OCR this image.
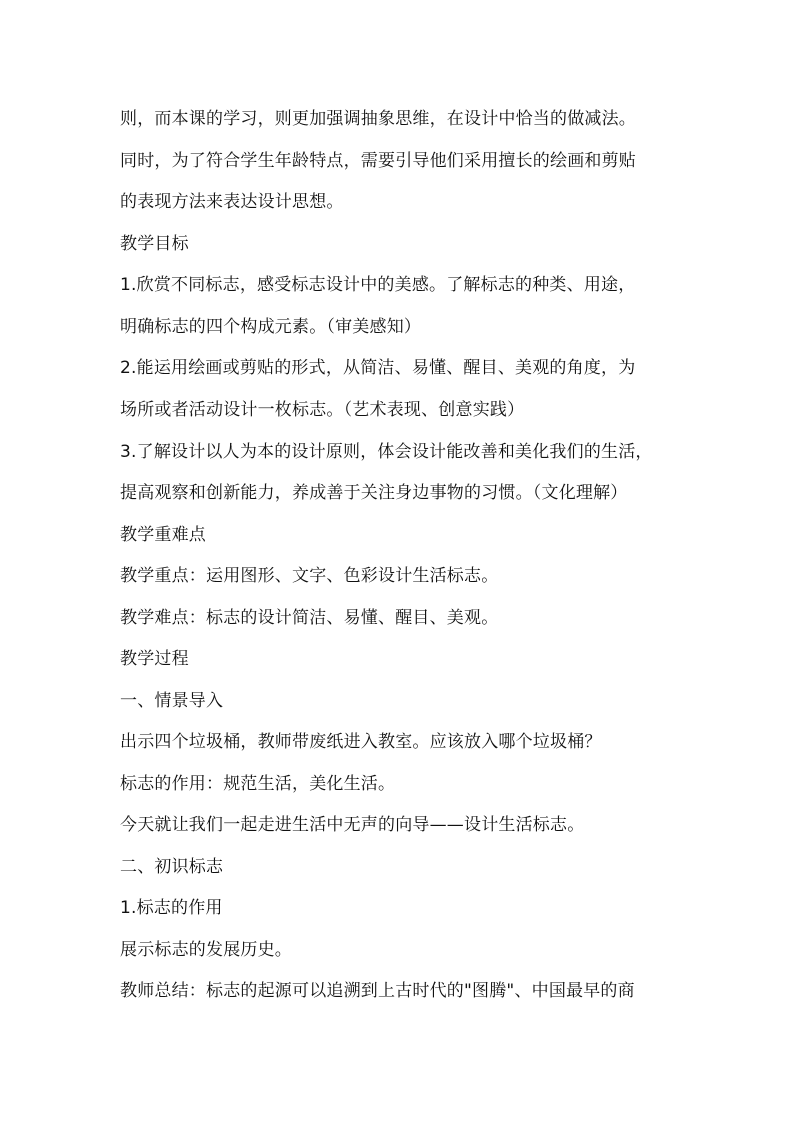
则，而本课的学习，则更加强调抽象思维，在设计中恰当的做减法。
同时，为了符合学生年龄特点，需要引导他们采用擅长的绘画和剪贴
的表现方法来表达设计思想。
教学目标
1.欣赏不同标志，感受标志设计中的美感。了解标志的种类、用途，
明确标志的四个构成元素。（审美感知）
2.能运用绘画或剪贴的形式，从简洁、易懂、醒目、美观的角度，为
场所或者活动设计一枚标志。（艺术表现、创意实践）
3.了解设计以人为本的设计原则，体会设计能改善和美化我们的生活，
提高观察和创新能力，养成善于关注身边事物的习惯。（文化理解）
教学重难点
教学重点：运用图形、文字、色彩设计生活标志。
教学难点：标志的设计简洁、易懂、醒目、美观。
教学过程
一、情景导入
出示四个垃圾桶，教师带废纸进入教室。应该放入哪个垃圾桶？
标志的作用：规范生活，美化生活。
今天就让我们一起走进生活中无声的向导——设计生活标志。
二、初识标志
1.标志的作用
展示标志的发展历史。
教师总结：标志的起源可以追溯到上古时代的"图腾"、中国最早的商
